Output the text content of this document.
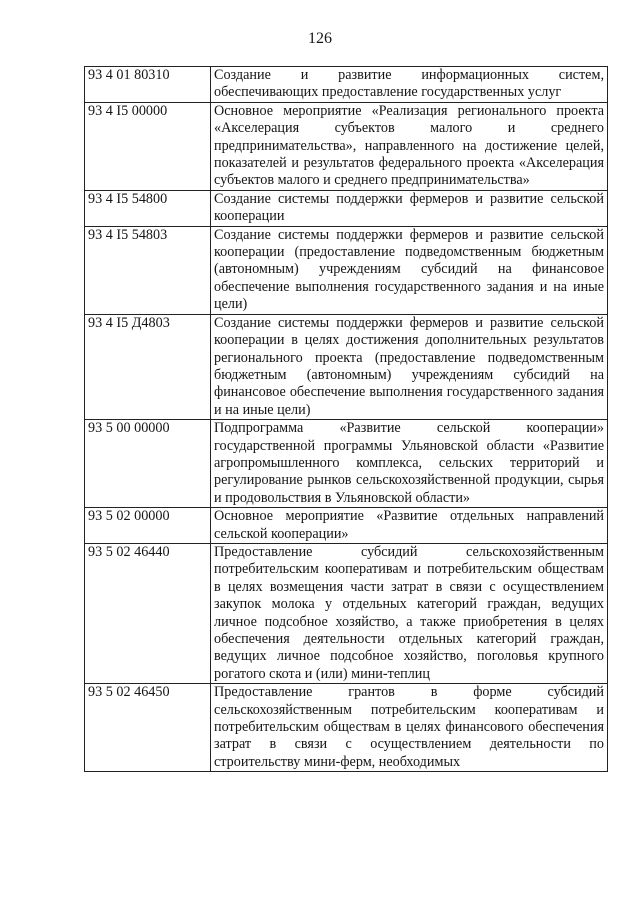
126
93 4 01 80310	Создание и развитие информационных систем, обеспечивающих предоставление государственных услуг
93 4 I5 00000	Основное мероприятие «Реализация регионального проекта «Акселерация субъектов малого и среднего предпринимательства», направленного на достижение целей, показателей и результатов федерального проекта «Акселерация субъектов малого и среднего предпринимательства»
93 4 I5 54800	Создание системы поддержки фермеров и развитие сельской кооперации
93 4 I5 54803	Создание системы поддержки фермеров и развитие сельской кооперации (предоставление подведомственным бюджетным (автономным) учреждениям субсидий на финансовое обеспечение выполнения государственного задания и на иные цели)
93 4 I5 Д4803	Создание системы поддержки фермеров и развитие сельской кооперации в целях достижения дополнительных результатов регионального проекта (предоставление подведомственным бюджетным (автономным) учреждениям субсидий на финансовое обеспечение выполнения государственного задания и на иные цели)
93 5 00 00000	Подпрограмма «Развитие сельской кооперации» государственной программы Ульяновской области «Развитие агропромышленного комплекса, сельских территорий и регулирование рынков сельскохозяйственной продукции, сырья и продовольствия в Ульяновской области»
93 5 02 00000	Основное мероприятие «Развитие отдельных направлений сельской кооперации»
93 5 02 46440	Предоставление субсидий сельскохозяйственным потребительским кооперативам и потребительским обществам в целях возмещения части затрат в связи с осуществлением закупок молока у отдельных категорий граждан, ведущих личное подсобное хозяйство, а также приобретения в целях обеспечения деятельности отдельных категорий граждан, ведущих личное подсобное хозяйство, поголовья крупного рогатого скота и (или) мини-теплиц
93 5 02 46450	Предоставление грантов в форме субсидий сельскохозяйственным потребительским кооперативам и потребительским обществам в целях финансового обеспечения затрат в связи с осуществлением деятельности по строительству мини-ферм, необходимых
